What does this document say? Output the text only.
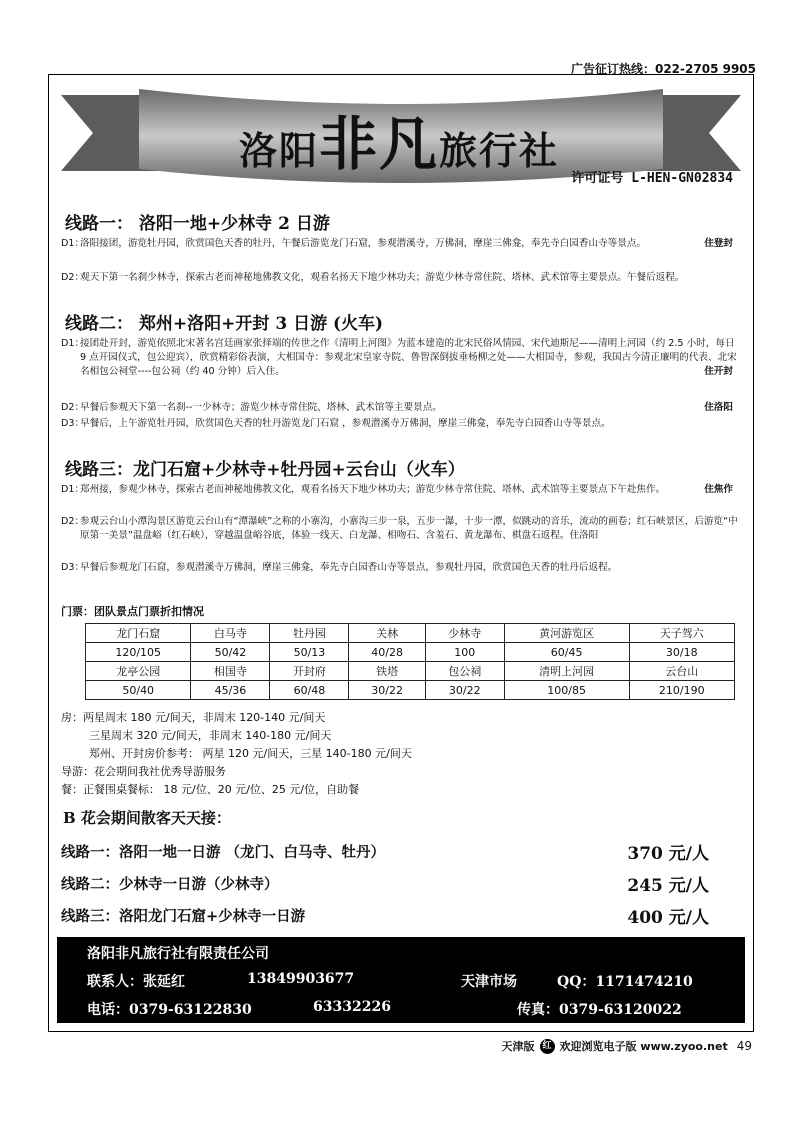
广告征订热线：022-2705 9905
洛阳非凡旅行社
许可证号 L-HEN-GN02834
线路一： 洛阳一地+少林寺 2 日游
D1：
洛阳接团，游览牡丹园，欣赏国色天香的牡丹，午餐后游览龙门石窟，参观潜溪寺，万佛洞，摩崖三佛龛，奉先寺白园香山寺等景点。	住登封
D2：
观天下第一名刹少林寺，探索古老而神秘地佛教文化，观看名扬天下地少林功夫；游览少林寺常住院、塔林、武术馆等主要景点。午餐后返程。
线路二： 郑州+洛阳+开封 3 日游 (火车)
D1：
接团赴开封，游览依照北宋著名宫廷画家张择端的传世之作《清明上河图》为蓝本建造的北宋民俗风情园、宋代迪斯尼——清明上河园（约 2.5 小时，每日 9 点开园仪式，包公迎宾），欣赏精彩俗表演，大相国寺：参观北宋皇家寺院、鲁智深倒拔垂杨柳之处——大相国寺，参观，我国古今清正廉明的代表、北宋名相包公祠堂----包公祠（约 40 分钟）后入住。	住开封
D2：
早餐后参观天下第一名刹--一少林寺；游览少林寺常住院、塔林、武术馆等主要景点。	住洛阳
D3：
早餐后，上午游览牡丹园，欣赏国色天香的牡丹游览龙门石窟 ，参观潜溪寺万佛洞，摩崖三佛龛，奉先寺白园香山寺等景点。
线路三：龙门石窟+少林寺+牡丹园+云台山（火车）
D1：
郑州接，参观少林寺，探索古老而神秘地佛教文化，观看名扬天下地少林功夫；游览少林寺常住院、塔林、武术馆等主要景点下午赴焦作。	住焦作
D2：
参观云台山小潭沟景区游览云台山有“潭瀑峡”之称的小寨沟，小寨沟三步一泉，五步一瀑，十步一潭，似跳动的音乐，流动的画卷；红石峡景区，后游览“中原第一美景”温盘峪（红石峡），穿越温盘峪谷底，体验一线天、白龙瀑、相吻石、含羞石、黄龙瀑布、棋盘石返程。住洛阳
D3：
早餐后参观龙门石窟，参观潜溪寺万佛洞，摩崖三佛龛，奉先寺白园香山寺等景点，参观牡丹园，欣赏国色天香的牡丹后返程。
门票：团队景点门票折扣情况
龙门石窟	白马寺	牡丹园	关林	少林寺	黄河游览区	天子驾六
120/105	50/42	50/13	40/28	100	60/45	30/18
龙亭公园	相国寺	开封府	铁塔	包公祠	清明上河园	云台山
50/40	45/36	60/48	30/22	30/22	100/85	210/190
房：两星周末 180 元/间天，非周末 120-140 元/间天
三星周末 320 元/间天，非周末 140-180 元/间天
郑州、开封房价参考： 两星 120 元/间天，三星 140-180 元/间天
导游：花会期间我社优秀导游服务
餐：正餐围桌餐标： 18 元/位、20 元/位、25 元/位，自助餐
B 花会期间散客天天接：
线路一：洛阳一地一日游 （龙门、白马寺、牡丹）	370 元/人
线路二：少林寺一日游（少林寺）	245 元/人
线路三：洛阳龙门石窟+少林寺一日游	400 元/人
洛阳非凡旅行社有限责任公司
联系人：张延红	13849903677	天津市场	QQ：1171474210
电话：0379-63122830	63332226	传真：0379-63120022
天津版 红 欢迎浏览电子版 www.zyoo.net 49
